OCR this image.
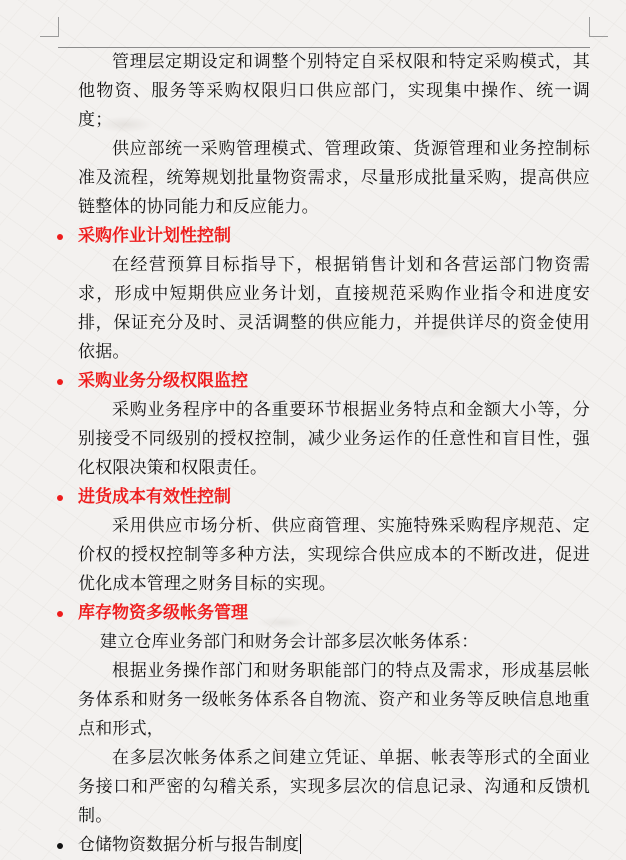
管理层定期设定和调整个别特定自采权限和特定采购模式，其他物资、服务等采购权限归口供应部门，实现集中操作、统一调度；

供应部统一采购管理模式、管理政策、货源管理和业务控制标准及流程，统筹规划批量物资需求，尽量形成批量采购，提高供应链整体的协同能力和反应能力。

采购作业计划性控制

在经营预算目标指导下，根据销售计划和各营运部门物资需求，形成中短期供应业务计划，直接规范采购作业指令和进度安排，保证充分及时、灵活调整的供应能力，并提供详尽的资金使用依据。

采购业务分级权限监控

采购业务程序中的各重要环节根据业务特点和金额大小等，分别接受不同级别的授权控制，减少业务运作的任意性和盲目性，强化权限决策和权限责任。

进货成本有效性控制

采用供应市场分析、供应商管理、实施特殊采购程序规范、定价权的授权控制等多种方法，实现综合供应成本的不断改进，促进优化成本管理之财务目标的实现。

库存物资多级帐务管理

建立仓库业务部门和财务会计部多层次帐务体系：

根据业务操作部门和财务职能部门的特点及需求，形成基层帐务体系和财务一级帐务体系各自物流、资产和业务等反映信息地重点和形式，

在多层次帐务体系之间建立凭证、单据、帐表等形式的全面业务接口和严密的勾稽关系，实现多层次的信息记录、沟通和反馈机制。

仓储物资数据分析与报告制度
